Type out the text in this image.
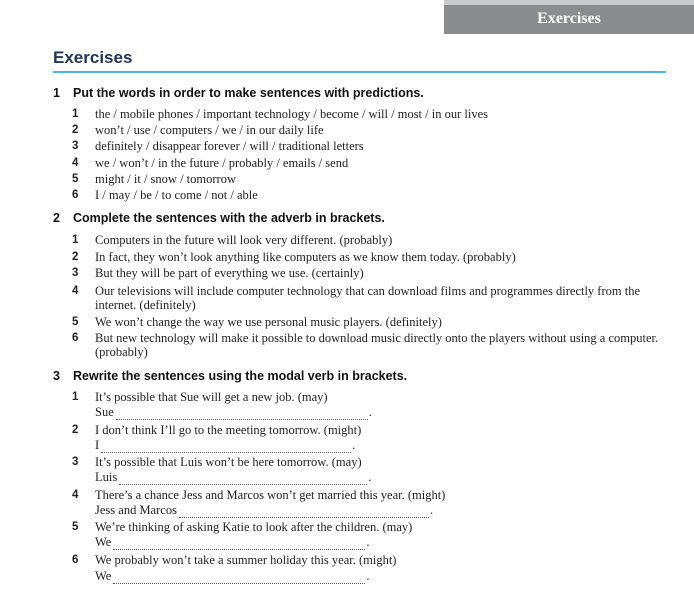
Exercises
Exercises
1 Put the words in order to make sentences with predictions.
1 the / mobile phones / important technology / become / will / most / in our lives
2 won’t / use / computers / we / in our daily life
3 definitely / disappear forever / will / traditional letters
4 we / won’t / in the future / probably / emails / send
5 might / it / snow / tomorrow
6 I / may / be / to come / not / able
2 Complete the sentences with the adverb in brackets.
1 Computers in the future will look very different. (probably)
2 In fact, they won’t look anything like computers as we know them today. (probably)
3 But they will be part of everything we use. (certainly)
4 Our televisions will include computer technology that can download films and programmes directly from the internet. (definitely)
5 We won’t change the way we use personal music players. (definitely)
6 But new technology will make it possible to download music directly onto the players without using a computer. (probably)
3 Rewrite the sentences using the modal verb in brackets.
1 It’s possible that Sue will get a new job. (may)
Sue	.
2 I don’t think I’ll go to the meeting tomorrow. (might)
I	.
3 It’s possible that Luis won’t be here tomorrow. (may)
Luis	.
4 There’s a chance Jess and Marcos won’t get married this year. (might)
Jess and Marcos	.
5 We’re thinking of asking Katie to look after the children. (may)
We	.
6 We probably won’t take a summer holiday this year. (might)
We	.
